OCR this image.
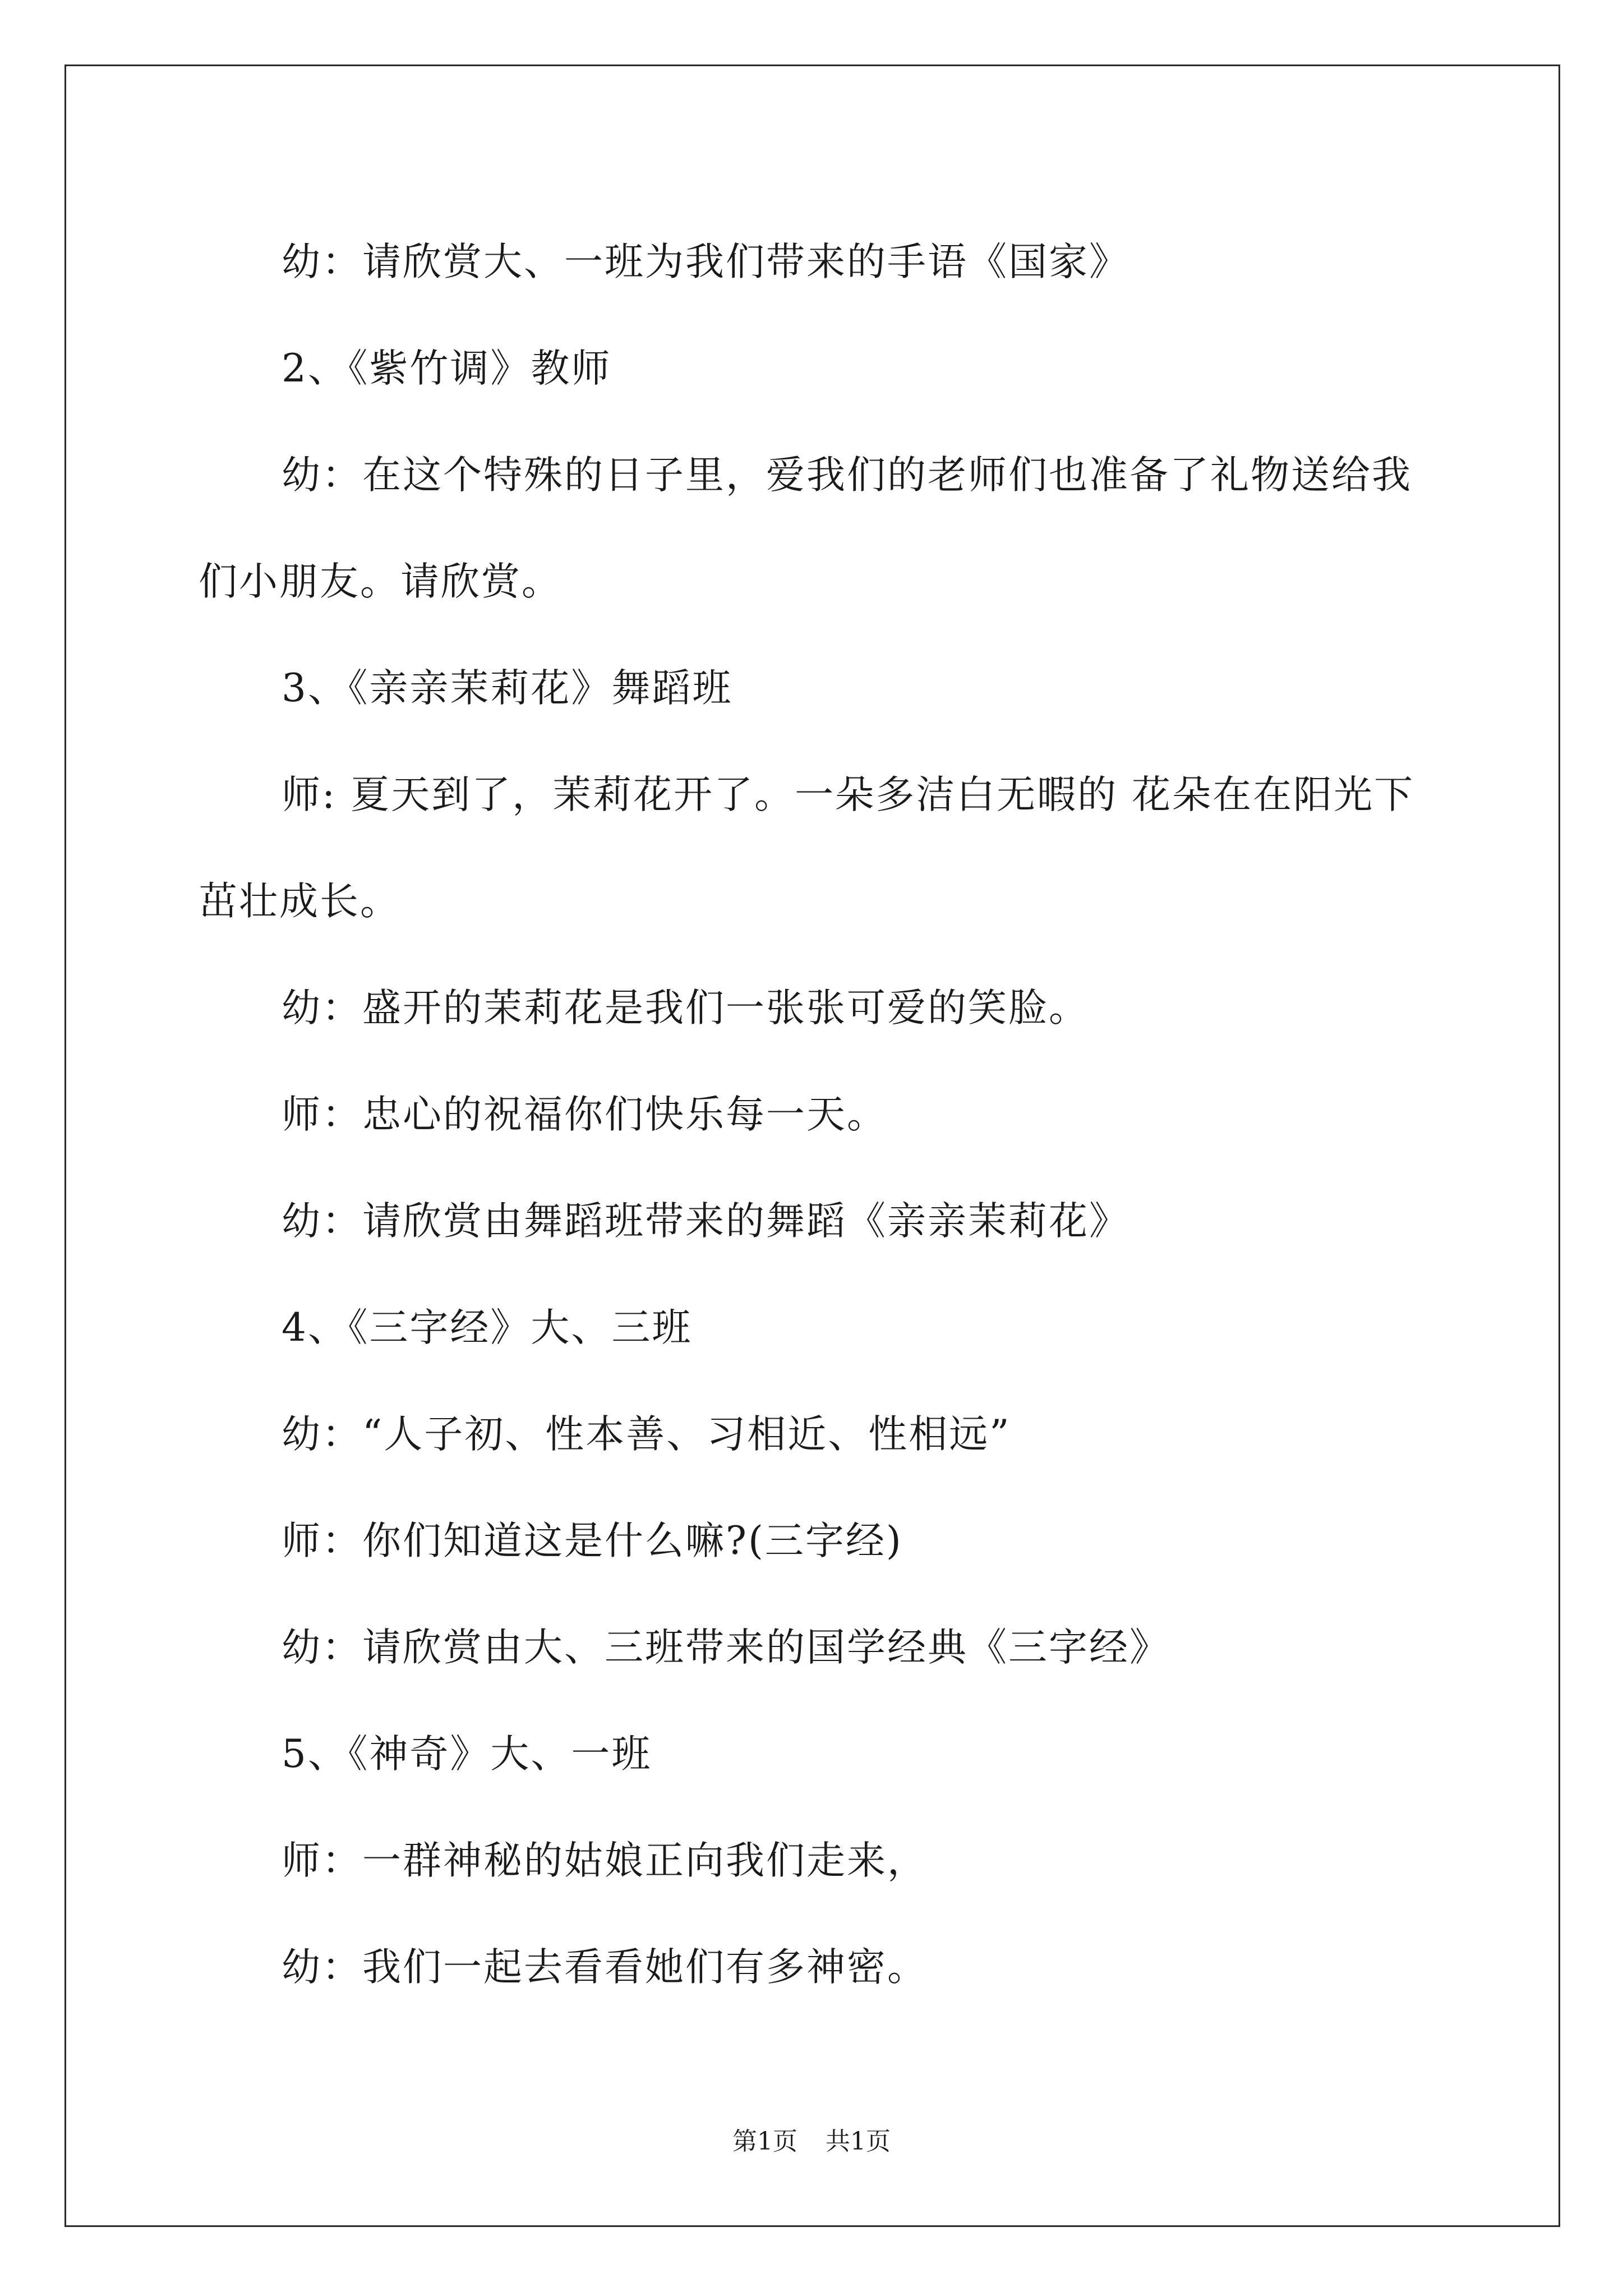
幼：请欣赏大、一班为我们带来的手语《国家》

2、《紫竹调》教师

幼：在这个特殊的日子里，爱我们的老师们也准备了礼物送给我们小朋友。请欣赏。

3、《亲亲茉莉花》舞蹈班

师: 夏天到了，茉莉花开了。一朵多洁白无暇的 花朵在在阳光下茁壮成长。

幼：盛开的茉莉花是我们一张张可爱的笑脸。

师：忠心的祝福你们快乐每一天。

幼：请欣赏由舞蹈班带来的舞蹈《亲亲茉莉花》

4、《三字经》大、三班

幼：“人子初、性本善、习相近、性相远”

师：你们知道这是什么嘛?(三字经)

幼：请欣赏由大、三班带来的国学经典《三字经》

5、《神奇》大、一班

师：一群神秘的姑娘正向我们走来，

幼：我们一起去看看她们有多神密。

第1页 共1页
